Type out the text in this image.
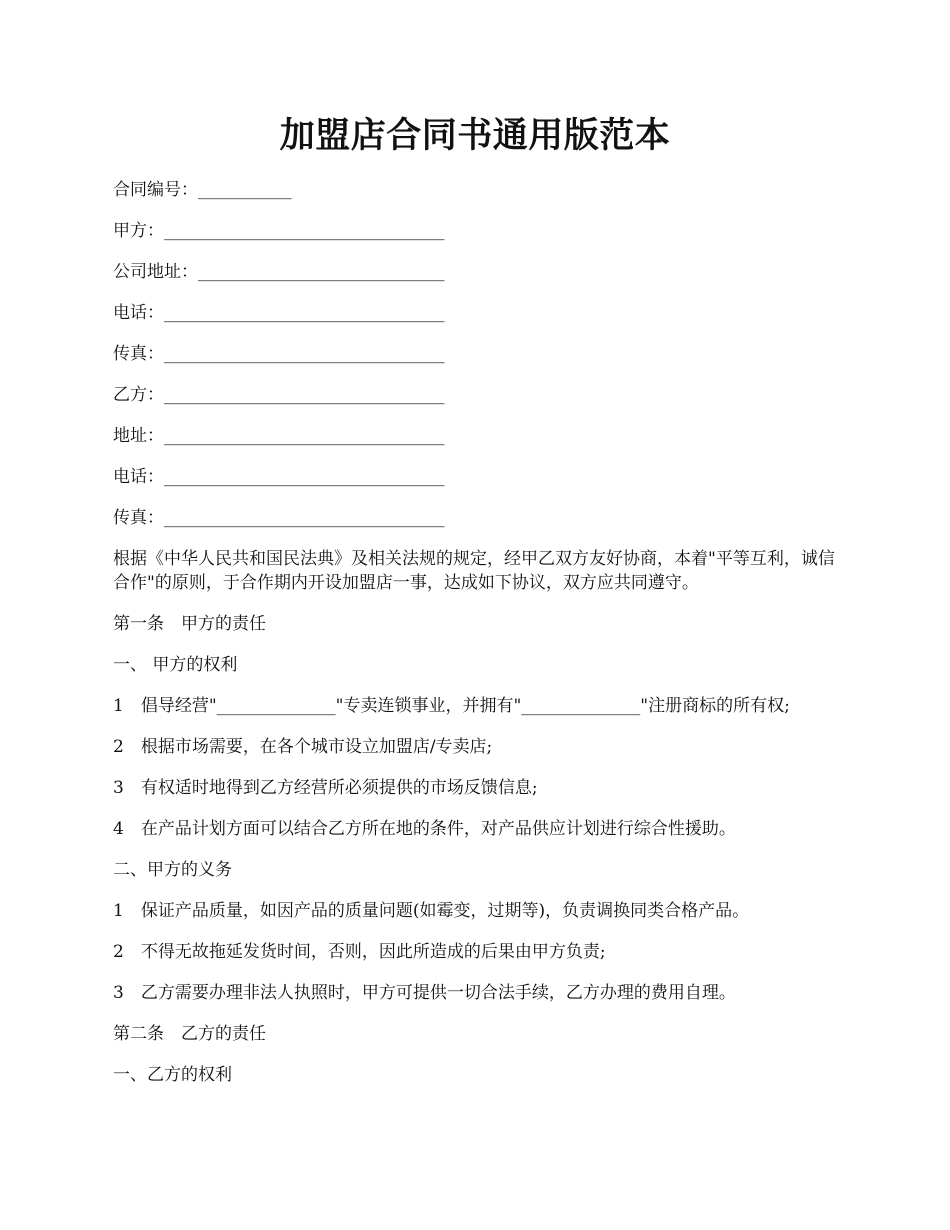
加盟店合同书通用版范本

合同编号：___________

甲方：_________________________________

公司地址：_____________________________

电话：_________________________________

传真：_________________________________

乙方：_________________________________

地址：_________________________________

电话：_________________________________

传真：_________________________________

根据《中华人民共和国民法典》及相关法规的规定，经甲乙双方友好协商，本着"平等互利，诚信合作"的原则，于合作期内开设加盟店一事，达成如下协议，双方应共同遵守。

第一条　甲方的责任

一、 甲方的权利

1　倡导经营"______________"专卖连锁事业，并拥有"______________"注册商标的所有权;

2　根据市场需要，在各个城市设立加盟店/专卖店;

3　有权适时地得到乙方经营所必须提供的市场反馈信息;

4　在产品计划方面可以结合乙方所在地的条件，对产品供应计划进行综合性援助。

二、甲方的义务

1　保证产品质量，如因产品的质量问题(如霉变，过期等)，负责调换同类合格产品。

2　不得无故拖延发货时间，否则，因此所造成的后果由甲方负责;

3　乙方需要办理非法人执照时，甲方可提供一切合法手续，乙方办理的费用自理。

第二条　乙方的责任

一、乙方的权利
